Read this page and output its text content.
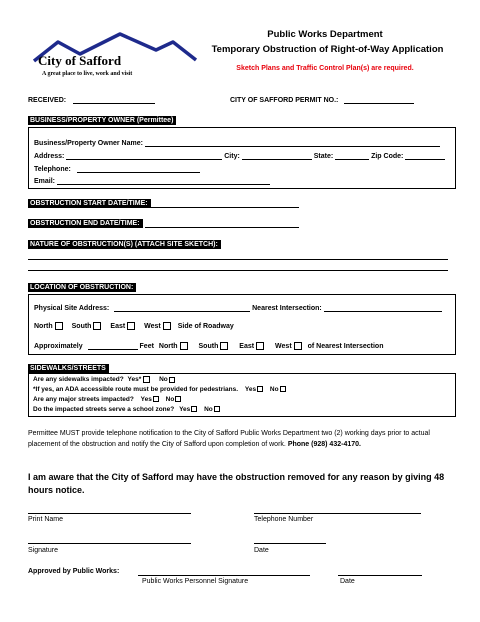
City of Safford
A great place to live, work and visit
Public Works Department
Temporary Obstruction of Right-of-Way Application
Sketch Plans and Traffic Control Plan(s) are required.
RECEIVED:	CITY OF SAFFORD PERMIT NO.:
BUSINESS/PROPERTY OWNER (Permittee)
Business/Property Owner Name:
Address:	City:	State:	Zip Code:
Telephone:
Email:
OBSTRUCTION START DATE/TIME:
OBSTRUCTION END DATE/TIME:
NATURE OF OBSTRUCTION(S) (ATTACH SITE SKETCH):
LOCATION OF OBSTRUCTION:
Physical Site Address:	Nearest Intersection:
North	South	East	West Side of Roadway
Approximately	Feet North	South	East	West of Nearest Intersection
SIDEWALKS/STREETS
Are any sidewalks impacted? Yes*	No
*If yes, an ADA accessible route must be provided for pedestrians. Yes No
Are any major streets impacted? Yes No
Do the impacted streets serve a school zone? Yes No
Permittee MUST provide telephone notification to the City of Safford Public Works Department two (2) working days prior to actual placement of the obstruction and notify the City of Safford upon completion of work. Phone (928) 432-4170.
I am aware that the City of Safford may have the obstruction removed for any reason by giving 48 hours notice.
Print Name	Telephone Number
Signature	Date
Approved by Public Works:
Public Works Personnel Signature	Date
